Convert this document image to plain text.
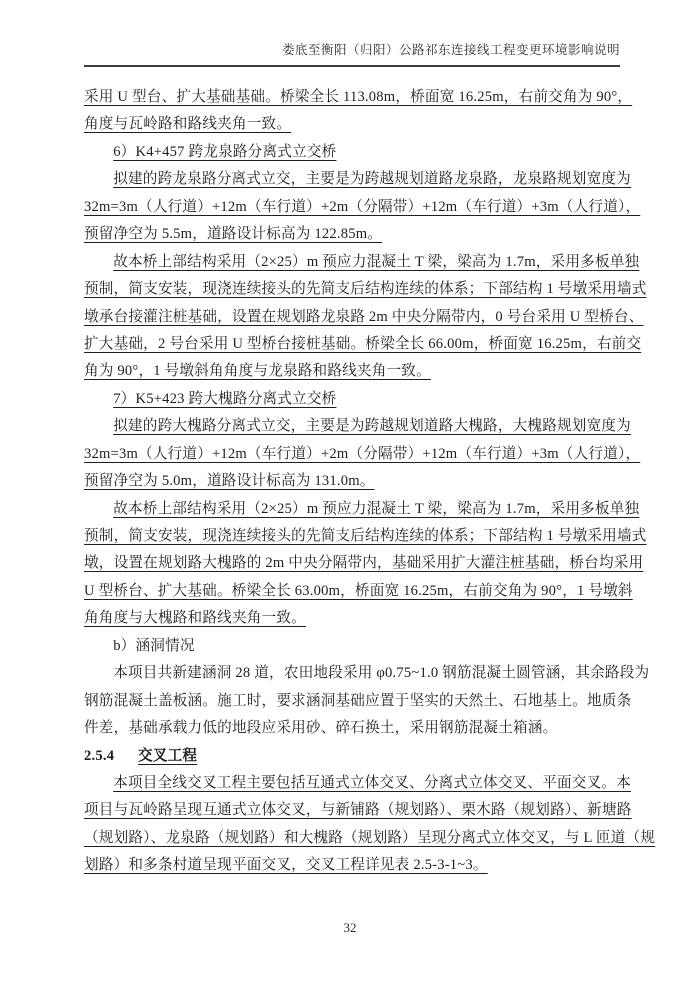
娄底至衡阳（归阳）公路祁东连接线工程变更环境影响说明
采用 U 型台、扩大基础基础。桥梁全长 113.08m，桥面宽 16.25m，右前交角为 90°，
角度与瓦岭路和路线夹角一致。
6）K4+457 跨龙泉路分离式立交桥
拟建的跨龙泉路分离式立交，主要是为跨越规划道路龙泉路，龙泉路规划宽度为
32m=3m（人行道）+12m（车行道）+2m（分隔带）+12m（车行道）+3m（人行道），
预留净空为 5.5m，道路设计标高为 122.85m。
故本桥上部结构采用（2×25）m 预应力混凝土 T 梁，梁高为 1.7m，采用多板单独
预制，简支安装，现浇连续接头的先简支后结构连续的体系；下部结构 1 号墩采用墙式
墩承台接灌注桩基础，设置在规划路龙泉路 2m 中央分隔带内，0 号台采用 U 型桥台、
扩大基础，2 号台采用 U 型桥台接桩基础。桥梁全长 66.00m，桥面宽 16.25m，右前交
角为 90°，1 号墩斜角角度与龙泉路和路线夹角一致。
7）K5+423 跨大槐路分离式立交桥
拟建的跨大槐路分离式立交，主要是为跨越规划道路大槐路，大槐路规划宽度为
32m=3m（人行道）+12m（车行道）+2m（分隔带）+12m（车行道）+3m（人行道），
预留净空为 5.0m，道路设计标高为 131.0m。
故本桥上部结构采用（2×25）m 预应力混凝土 T 梁，梁高为 1.7m，采用多板单独
预制，简支安装，现浇连续接头的先简支后结构连续的体系；下部结构 1 号墩采用墙式
墩，设置在规划路大槐路的 2m 中央分隔带内，基础采用扩大灌注桩基础，桥台均采用
U 型桥台、扩大基础。桥梁全长 63.00m，桥面宽 16.25m，右前交角为 90°，1 号墩斜
角角度与大槐路和路线夹角一致。
b）涵洞情况
本项目共新建涵洞 28 道，农田地段采用 φ0.75~1.0 钢筋混凝土圆管涵，其余路段为
钢筋混凝土盖板涵。施工时，要求涵洞基础应置于坚实的天然土、石地基上。地质条
件差，基础承载力低的地段应采用砂、碎石换土，采用钢筋混凝土箱涵。
2.5.4 交叉工程
本项目全线交叉工程主要包括互通式立体交叉、分离式立体交叉、平面交叉。本
项目与瓦岭路呈现互通式立体交叉，与新铺路（规划路）、栗木路（规划路）、新塘路
（规划路）、龙泉路（规划路）和大槐路（规划路）呈现分离式立体交叉，与 L 匝道（规
划路）和多条村道呈现平面交叉，交叉工程详见表 2.5-3-1~3。
32
